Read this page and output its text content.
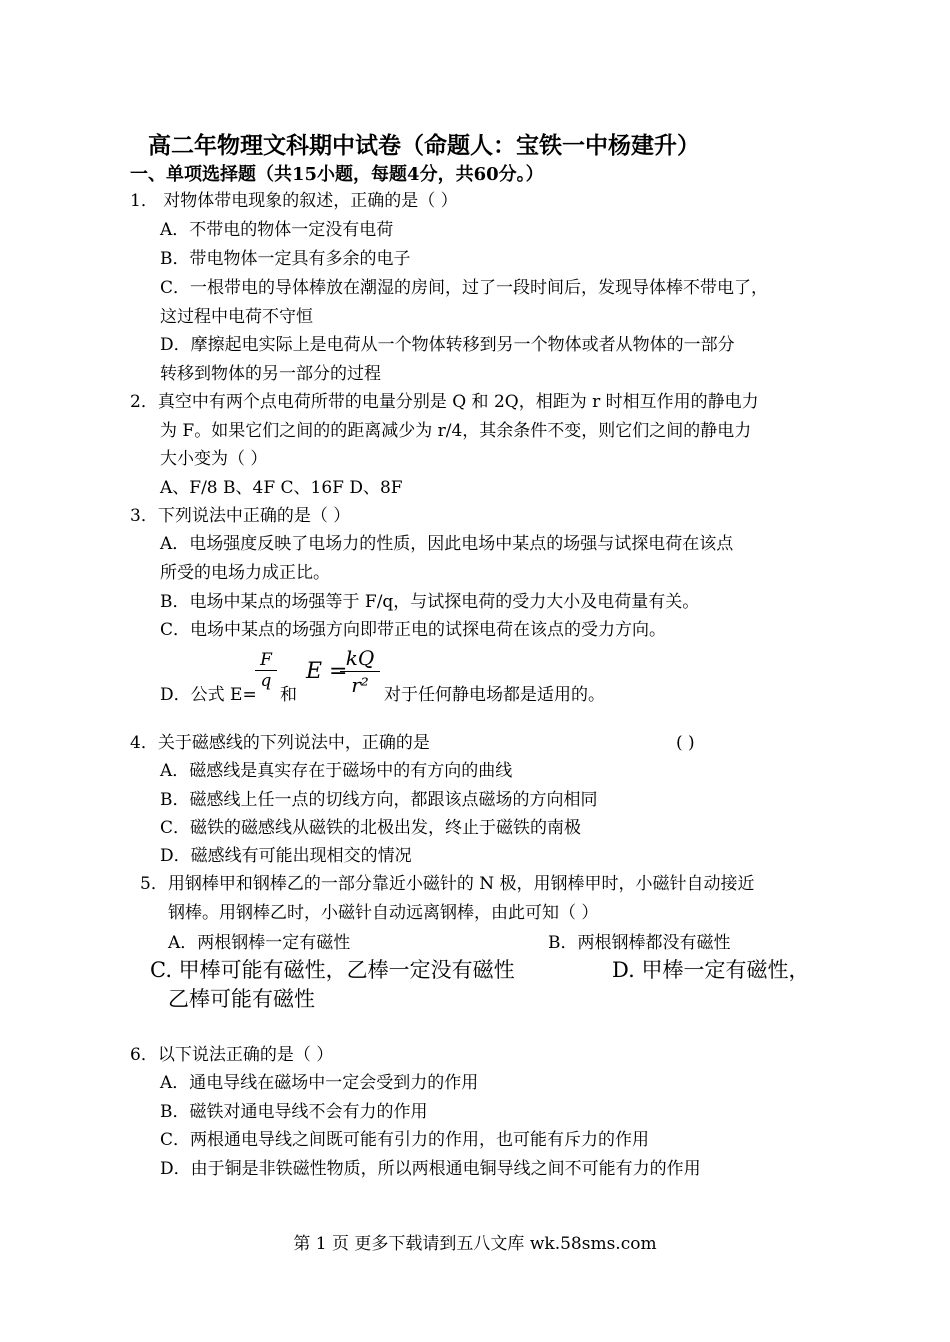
高二年物理文科期中试卷（命题人：宝铁一中杨建升）
一、单项选择题（共15小题，每题4分，共60分。）
1． 对物体带电现象的叙述，正确的是（ ）
A．不带电的物体一定没有电荷
B．带电物体一定具有多余的电子
C．一根带电的导体棒放在潮湿的房间，过了一段时间后，发现导体棒不带电了，
这过程中电荷不守恒
D．摩擦起电实际上是电荷从一个物体转移到另一个物体或者从物体的一部分
转移到物体的另一部分的过程
2．真空中有两个点电荷所带的电量分别是 Q 和 2Q，相距为 r 时相互作用的静电力
为 F。如果它们之间的的距离减少为 r/4，其余条件不变，则它们之间的静电力
大小变为（ ）
A、F/8 B、4F C、16F D、8F
3．下列说法中正确的是（ ）
A．电场强度反映了电场力的性质，因此电场中某点的场强与试探电荷在该点
所受的电场力成正比。
B．电场中某点的场强等于 F/q，与试探电荷的受力大小及电荷量有关。
C．电场中某点的场强方向即带正电的试探电荷在该点的受力方向。
D．公式 E=
$\frac{F}{q}$
和
E =
$\frac{kQ}{\text{r²}}$ 对于任何静电场都是适用的。
4．关于磁感线的下列说法中，正确的是	( )
A．磁感线是真实存在于磁场中的有方向的曲线
B．磁感线上任一点的切线方向，都跟该点磁场的方向相同
C．磁铁的磁感线从磁铁的北极出发，终止于磁铁的南极
D．磁感线有可能出现相交的情况
5．用钢棒甲和钢棒乙的一部分靠近小磁针的 N 极，用钢棒甲时，小磁针自动接近
钢棒。用钢棒乙时，小磁针自动远离钢棒，由此可知（ ）
A．两根钢棒一定有磁性	B．两根钢棒都没有磁性
C. 甲棒可能有磁性，乙棒一定没有磁性	D. 甲棒一定有磁性，
乙棒可能有磁性
6．以下说法正确的是（ ）
A．通电导线在磁场中一定会受到力的作用
B．磁铁对通电导线不会有力的作用
C．两根通电导线之间既可能有引力的作用，也可能有斥力的作用
D．由于铜是非铁磁性物质，所以两根通电铜导线之间不可能有力的作用
第 1 页 更多下载请到五八文库 wk.58sms.com
